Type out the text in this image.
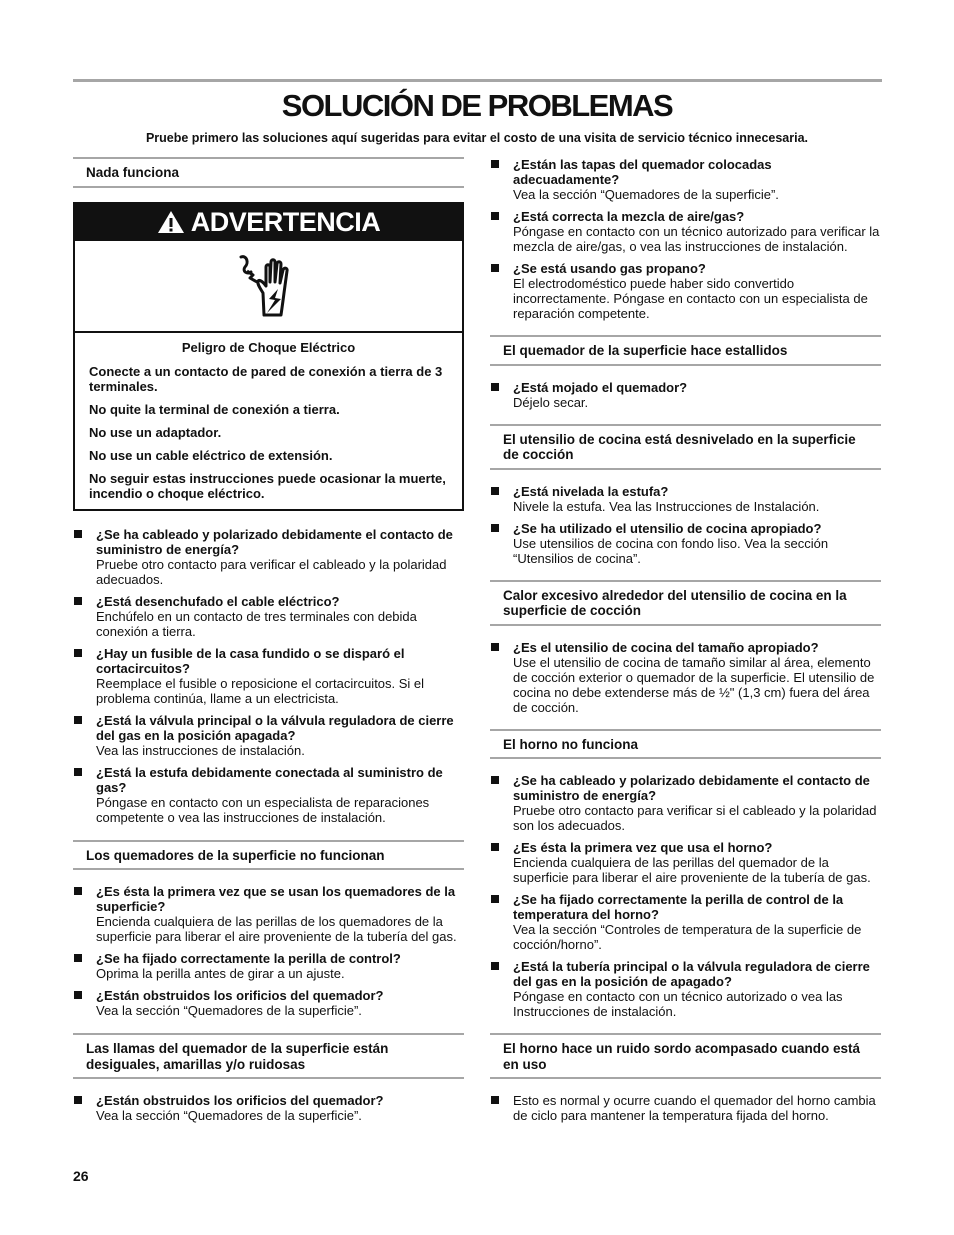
SOLUCIÓN DE PROBLEMAS

Pruebe primero las soluciones aquí sugeridas para evitar el costo de una visita de servicio técnico innecesaria.

Nada funciona
ADVERTENCIA
Peligro de Choque Eléctrico
Conecte a un contacto de pared de conexión a tierra de 3 terminales.
No quite la terminal de conexión a tierra.
No use un adaptador.
No use un cable eléctrico de extensión.
No seguir estas instrucciones puede ocasionar la muerte, incendio o choque eléctrico.
¿Se ha cableado y polarizado debidamente el contacto de suministro de energía?
Pruebe otro contacto para verificar el cableado y la polaridad adecuados.
¿Está desenchufado el cable eléctrico?
Enchúfelo en un contacto de tres terminales con debida conexión a tierra.
¿Hay un fusible de la casa fundido o se disparó el cortacircuitos?
Reemplace el fusible o reposicione el cortacircuitos. Si el problema continúa, llame a un electricista.
¿Está la válvula principal o la válvula reguladora de cierre del gas en la posición apagada?
Vea las instrucciones de instalación.
¿Está la estufa debidamente conectada al suministro de gas?
Póngase en contacto con un especialista de reparaciones competente o vea las instrucciones de instalación.
Los quemadores de la superficie no funcionan
¿Es ésta la primera vez que se usan los quemadores de la superficie?
Encienda cualquiera de las perillas de los quemadores de la superficie para liberar el aire proveniente de la tubería del gas.
¿Se ha fijado correctamente la perilla de control?
Oprima la perilla antes de girar a un ajuste.
¿Están obstruidos los orificios del quemador?
Vea la sección “Quemadores de la superficie”.
Las llamas del quemador de la superficie están desiguales, amarillas y/o ruidosas
¿Están obstruidos los orificios del quemador?
Vea la sección “Quemadores de la superficie”.
¿Están las tapas del quemador colocadas adecuadamente?
Vea la sección “Quemadores de la superficie”.
¿Está correcta la mezcla de aire/gas?
Póngase en contacto con un técnico autorizado para verificar la mezcla de aire/gas, o vea las instrucciones de instalación.
¿Se está usando gas propano?
El electrodoméstico puede haber sido convertido incorrectamente. Póngase en contacto con un especialista de reparación competente.
El quemador de la superficie hace estallidos
¿Está mojado el quemador?
Déjelo secar.
El utensilio de cocina está desnivelado en la superficie de cocción
¿Está nivelada la estufa?
Nivele la estufa. Vea las Instrucciones de Instalación.
¿Se ha utilizado el utensilio de cocina apropiado?
Use utensilios de cocina con fondo liso. Vea la sección “Utensilios de cocina”.
Calor excesivo alrededor del utensilio de cocina en la superficie de cocción
¿Es el utensilio de cocina del tamaño apropiado?
Use el utensilio de cocina de tamaño similar al área, elemento de cocción exterior o quemador de la superficie. El utensilio de cocina no debe extenderse más de ½" (1,3 cm) fuera del área de cocción.
El horno no funciona
¿Se ha cableado y polarizado debidamente el contacto de suministro de energía?
Pruebe otro contacto para verificar si el cableado y la polaridad son los adecuados.
¿Es ésta la primera vez que usa el horno?
Encienda cualquiera de las perillas del quemador de la superficie para liberar el aire proveniente de la tubería de gas.
¿Se ha fijado correctamente la perilla de control de la temperatura del horno?
Vea la sección “Controles de temperatura de la superficie de cocción/horno”.
¿Está la tubería principal o la válvula reguladora de cierre del gas en la posición de apagado?
Póngase en contacto con un técnico autorizado o vea las Instrucciones de instalación.
El horno hace un ruido sordo acompasado cuando está en uso
Esto es normal y ocurre cuando el quemador del horno cambia de ciclo para mantener la temperatura fijada del horno.
26
